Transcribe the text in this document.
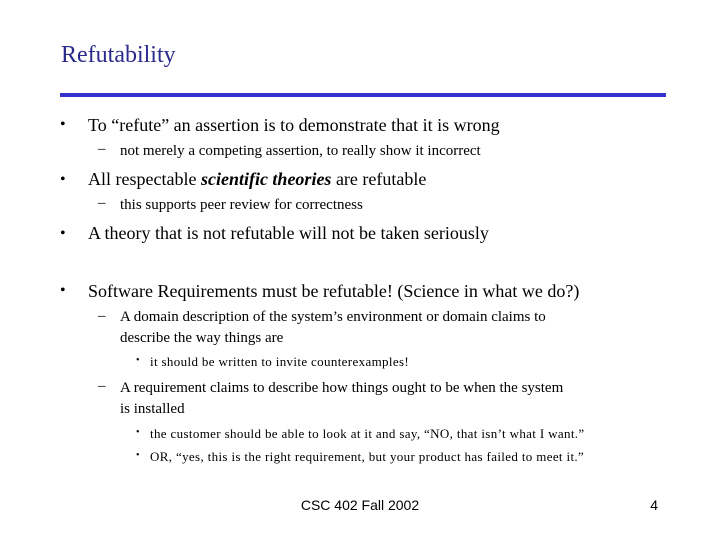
Refutability
• To “refute” an assertion is to demonstrate that it is wrong
– not merely a competing assertion, to really show it incorrect
• All respectable scientific theories are refutable
– this supports peer review for correctness
• A theory that is not refutable will not be taken seriously
• Software Requirements must be refutable! (Science in what we do?)
– A domain description of the system’s environment or domain claims to
describe the way things are
• it should be written to invite counterexamples!
– A requirement claims to describe how things ought to be when the system
is installed
• the customer should be able to look at it and say, “NO, that isn’t what I want.”
• OR, “yes, this is the right requirement, but your product has failed to meet it.”
CSC 402 Fall 2002	4
